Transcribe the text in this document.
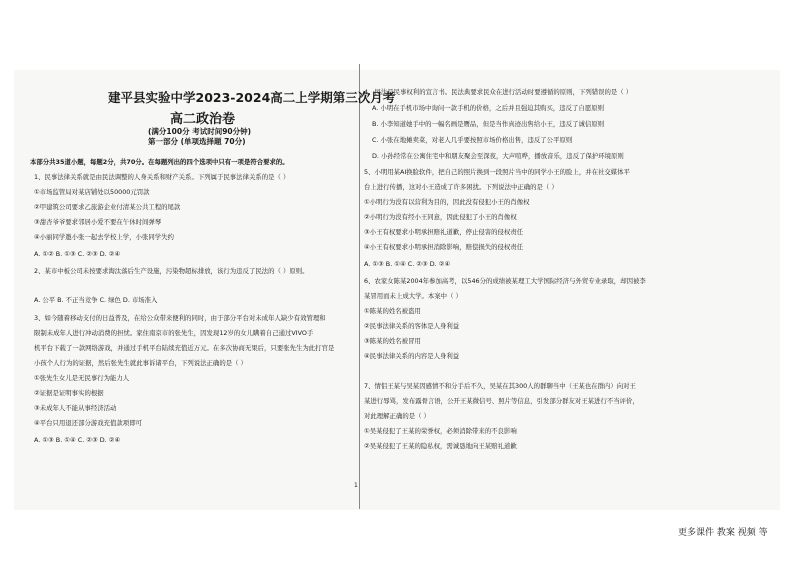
建平县实验中学2023-2024高二上学期第三次月考
高二政治卷
(满分100分 考试时间90分钟)
第一部分 (单项选择题 70分)
本部分共35道小题，每题2分，共70分。在每题列出的四个选项中只有一项是符合要求的。
1、民事法律关系就是由民法调整的人身关系和财产关系。下列属于民事法律关系的是（ ）
①市场监管局对某店铺处以50000元罚款
②甲建筑公司要求乙旅游企业付清某公共工程的尾款
③甜杏爷爷要求邻居小爱不要在午休时间弹琴
④小丽同学邀小张一起去学校上学，小张同学失约
A. ①② B. ①③ C. ②③ D. ②④
2、某市中板公司未按要求淘汰落后生产设施，污染物超标排放，该行为违反了民法的（ ）原则。
A. 公平 B. 不正当竞争 C. 绿色 D. 市场准入
3、如今随着移动支付的日益普及，在给公众带来便利的同时，由于部分平台对未成年人缺少有效管理和
限制未成年人进行冲动消费的担忧。家住南京市的张先生，因发现12岁的女儿瞒着自己通过VIVO手
机平台下载了一款网络游戏，并通过手机平台陆续充值近万元。在多次协商无果后，只要张先生为此打官是
小孩个人行为的证据，然后张先生就此事诉诸平台，下列说法正确的是（ ）
①张先生女儿是无民事行为能力人
②证据是证明事实的根据
③未成年人不能从事经济活动
④平台只用退还部分游戏充值款项即可
A. ①③ B. ①④ C. ②③ D. ②④
4、民法是民事权利的宣言书。民法典要求民众在进行活动时要遵循的原则，下列错误的是（ ）
A. 小明在手机市场中询问一款手机的价格，之后并且强迫其购买，违反了自愿原则
B. 小李知道她手中的一幅名画是赝品，但是当作真迹出售给小王，违反了诚信原则
C. 小张在地摊卖菜，对老人几乎要按照市场价格出售，违反了公平原则
D. 小孙经常在公寓住宅中和朋友聚会至深夜，大声喧哗，播放音乐，违反了保护环境原则
5、小明用某AI换脸软件，把自己的照片换到一段照片当中的同学小王的脸上，并在社交媒体平
台上进行传播，这对小王造成了许多困扰。下列说法中正确的是（ ）
①小明行为没有以营利为目的，因此没有侵犯小王的肖像权
②小明行为没有经小王同意，因此侵犯了小王的肖像权
③小王有权要求小明承担赔礼道歉，停止侵害的侵权责任
④小王有权要求小明承担消除影响，赔偿损失的侵权责任
A. ①③ B. ①④ C. ②③ D. ②④
6、农家女陈某2004年参加高考，以546分的成绩被某理工大学国际经济与外贸专业录取，却因被李
某冒用而未上成大学。本案中（ ）
①陈某的姓名被盗用
②民事法律关系的客体是人身利益
③陈某的姓名被冒用
④民事法律关系的内容是人身利益
7、情侣王某与吴某因感情不和分手后不久，吴某在其300人的群聊当中（王某也在群内）向对王
某进行辱骂，发布露骨言语，公开王某微信号、照片等信息，引发部分群友对王某进行不当评价，
对此理解正确的是（ ）
①吴某侵犯了王某的荣誉权，必须消除带来的不良影响
②吴某侵犯了王某的隐私权，需诚恳地向王某赔礼道歉
1
更多课件 教案 视频 等
